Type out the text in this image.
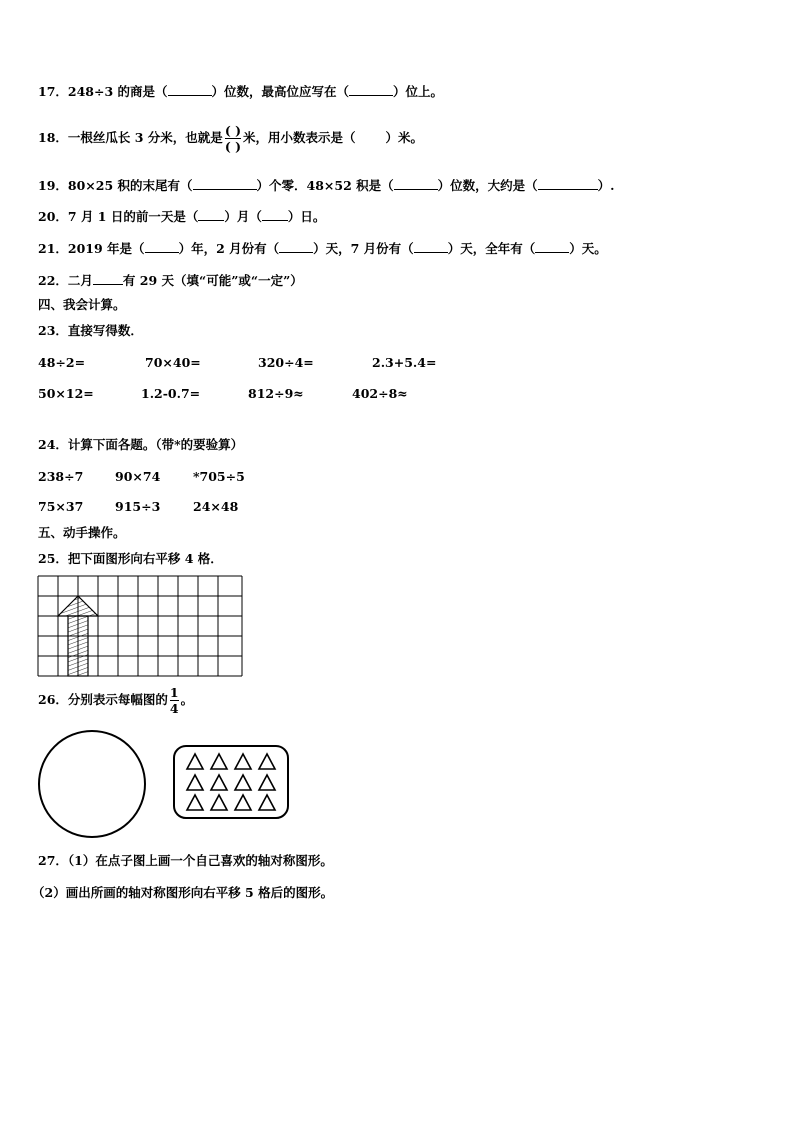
17．248÷3 的商是（	）位数，最高位应写在（	）位上。
18．一根丝瓜长 3 分米，也就是 $\frac{( )}{( )}$ 米，用小数表示是（ ）米。
19．80×25 积的末尾有（	）个零．48×52 积是（	）位数，大约是（	）.
20．7 月 1 日的前一天是（ ）月（ ）日。
21．2019 年是（	）年，2 月份有（	）天，7 月份有（	）天，全年有（	）天。
22．二月 有 29 天（填“可能”或“一定”）
四、我会计算。
23．直接写得数．
48÷2=	70×40=	320÷4=	2.3+5.4=
50×12=	1.2-0.7=	812÷9≈	402÷8≈
24．计算下面各题。（带*的要验算）
238÷7	90×74	*705÷5
75×37	915÷3	24×48
五、动手操作。
25．把下面图形向右平移 4 格．
26．分别表示每幅图的 $\frac{1}{4}$ 。
27．（1）在点子图上画一个自己喜欢的轴对称图形。
（2）画出所画的轴对称图形向右平移 5 格后的图形。
